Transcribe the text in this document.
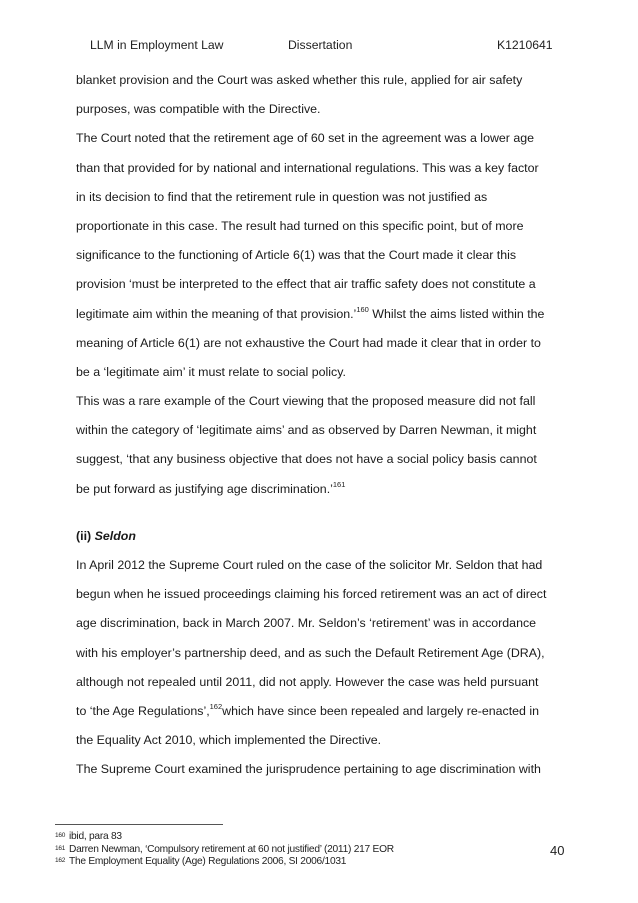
LLM in Employment Law	Dissertation	K1210641
blanket provision and the Court was asked whether this rule, applied for air safety
purposes, was compatible with the Directive.
The Court noted that the retirement age of 60 set in the agreement was a lower age
than that provided for by national and international regulations. This was a key factor
in its decision to find that the retirement rule in question was not justified as
proportionate in this case. The result had turned on this specific point, but of more
significance to the functioning of Article 6(1) was that the Court made it clear this
provision ‘must be interpreted to the effect that air traffic safety does not constitute a
legitimate aim within the meaning of that provision.’$^{160}$ Whilst the aims listed within the
meaning of Article 6(1) are not exhaustive the Court had made it clear that in order to
be a ‘legitimate aim’ it must relate to social policy.
This was a rare example of the Court viewing that the proposed measure did not fall
within the category of ‘legitimate aims’ and as observed by Darren Newman, it might
suggest, ‘that any business objective that does not have a social policy basis cannot
be put forward as justifying age discrimination.’$^{161}$
(ii) Seldon
In April 2012 the Supreme Court ruled on the case of the solicitor Mr. Seldon that had
begun when he issued proceedings claiming his forced retirement was an act of direct
age discrimination, back in March 2007. Mr. Seldon’s ‘retirement’ was in accordance
with his employer’s partnership deed, and as such the Default Retirement Age (DRA),
although not repealed until 2011, did not apply. However the case was held pursuant
to ‘the Age Regulations’,$^{162}$which have since been repealed and largely re-enacted in
the Equality Act 2010, which implemented the Directive.
The Supreme Court examined the jurisprudence pertaining to age discrimination with
160 ibid, para 83
161 Darren Newman, ‘Compulsory retirement at 60 not justified’ (2011) 217 EOR
162 The Employment Equality (Age) Regulations 2006, SI 2006/1031
40
